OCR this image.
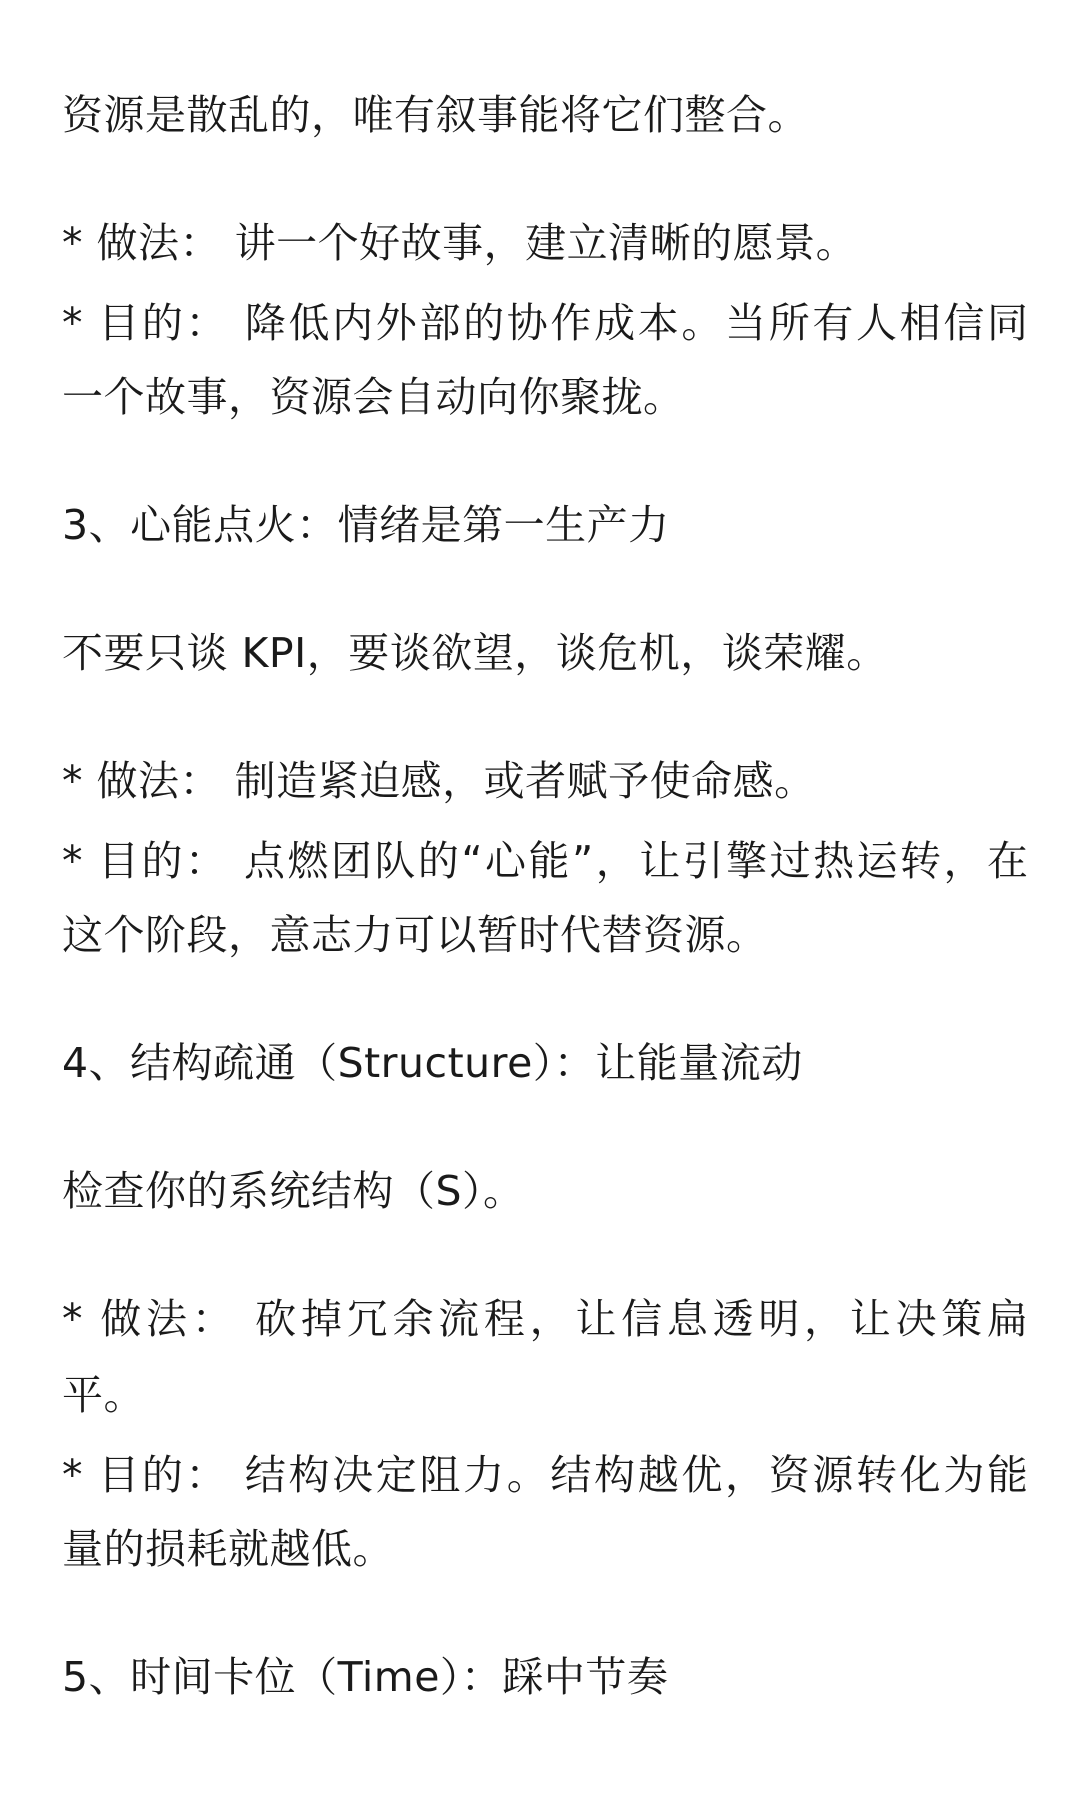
资源是散乱的，唯有叙事能将它们整合。
* 做法： 讲一个好故事，建立清晰的愿景。
* 目的： 降低内外部的协作成本。当所有人相信同
一个故事，资源会自动向你聚拢。
3、心能点火：情绪是第一生产力
不要只谈 KPI，要谈欲望，谈危机，谈荣耀。
* 做法： 制造紧迫感，或者赋予使命感。
* 目的： 点燃团队的“心能”，让引擎过热运转，在
这个阶段，意志力可以暂时代替资源。
4、结构疏通（Structure）：让能量流动
检查你的系统结构（S）。
* 做法： 砍掉冗余流程，让信息透明，让决策扁
平。
* 目的： 结构决定阻力。结构越优，资源转化为能
量的损耗就越低。
5、时间卡位（Time）：踩中节奏
